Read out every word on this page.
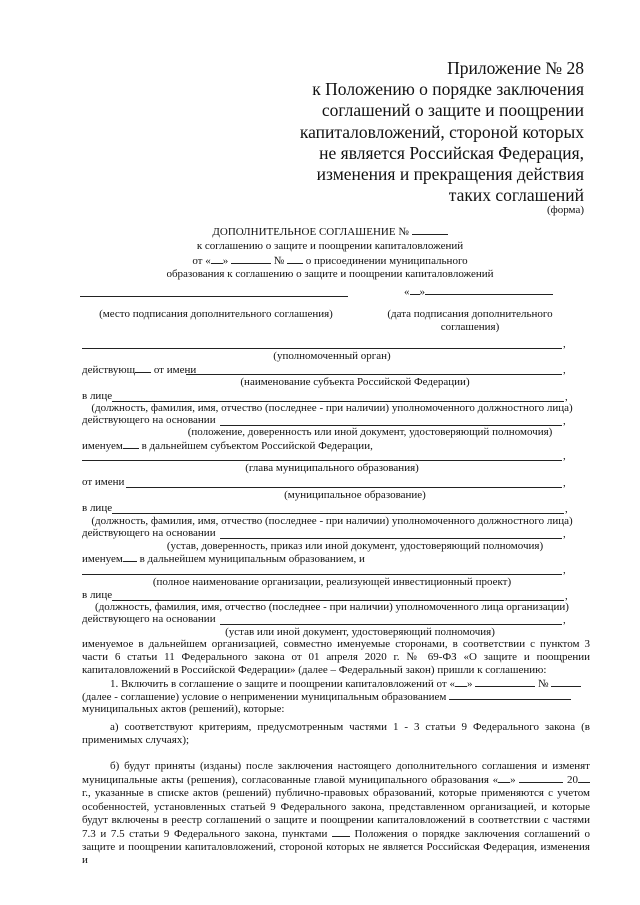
Приложение № 28
к Положению о порядке заключения
соглашений о защите и поощрении
капиталовложений, стороной которых
не является Российская Федерация,
изменения и прекращения действия
таких соглашений
(форма)
ДОПОЛНИТЕЛЬНОЕ СОГЛАШЕНИЕ №
к соглашению о защите и поощрении капиталовложений
от « »	№ о присоединении муниципального
образования к соглашению о защите и поощрении капиталовложений
« »
(место подписания дополнительного соглашения)	(дата подписания дополнительного соглашения)
,
(уполномоченный орган)
действующ от имени	,
(наименование субъекта Российской Федерации)
в лице	,
(должность, фамилия, имя, отчество (последнее - при наличии) уполномоченного должностного лица)
действующего на основании	,
(положение, доверенность или иной документ, удостоверяющий полномочия)
именуем в дальнейшем субъектом Российской Федерации,
,
(глава муниципального образования)
от имени	,
(муниципальное образование)
в лице	,
(должность, фамилия, имя, отчество (последнее - при наличии) уполномоченного должностного лица)
действующего на основании	,
(устав, доверенность, приказ или иной документ, удостоверяющий полномочия)
именуем в дальнейшем муниципальным образованием, и
,
(полное наименование организации, реализующей инвестиционный проект)
в лице	,
(должность, фамилия, имя, отчество (последнее - при наличии) уполномоченного лица организации)
действующего на основании	,
(устав или иной документ, удостоверяющий полномочия)
именуемое в дальнейшем организацией, совместно именуемые сторонами, в соответствии с пунктом 3 части 6 статьи 11 Федерального закона от 01 апреля 2020 г. № 69-ФЗ «О защите и поощрении капиталовложений в Российской Федерации» (далее – Федеральный закон) пришли к соглашению:
1. Включить в соглашение о защите и поощрении капиталовложений от « »	№
(далее - соглашение) условие о неприменении муниципальным образованием
муниципальных актов (решений), которые:
а) соответствуют критериям, предусмотренным частями 1 - 3 статьи 9 Федерального закона (в применимых случаях);
б) будут приняты (изданы) после заключения настоящего дополнительного соглашения и изменят муниципальные акты (решения), согласованные главой муниципального образования « »	20 г., указанные в списке актов (решений) публично-правовых образований, которые применяются с учетом особенностей, установленных статьей 9 Федерального закона, представленном организацией, и которые будут включены в реестр соглашений о защите и поощрении капиталовложений в соответствии с частями 7.3 и 7.5 статьи 9 Федерального закона, пунктами Положения о порядке заключения соглашений о защите и поощрении капиталовложений, стороной которых не является Российская Федерация, изменения и
